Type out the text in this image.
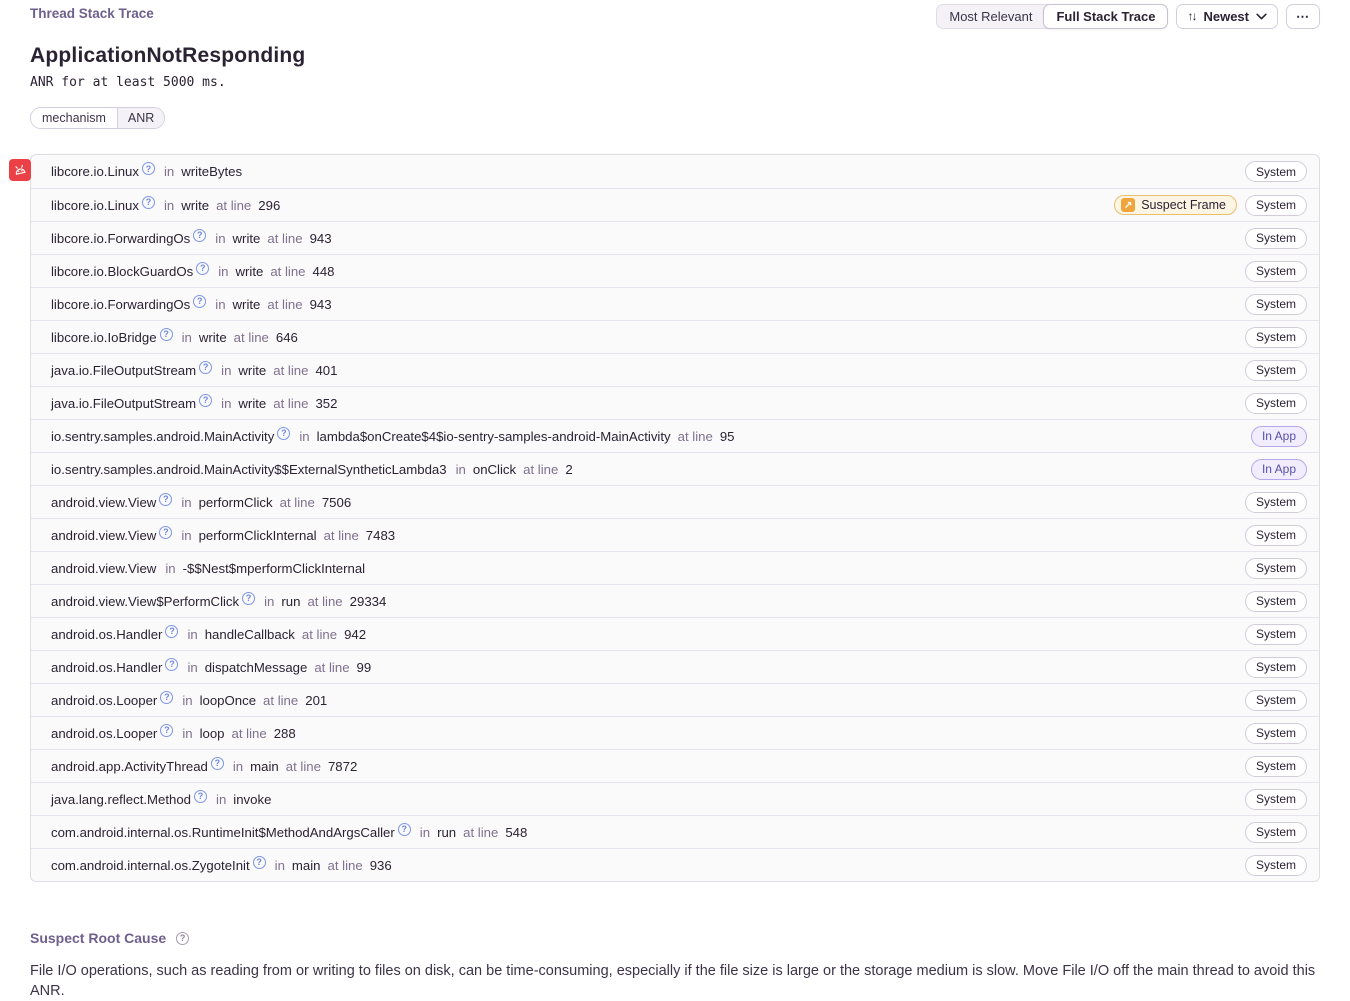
Thread Stack Trace	Most Relevant	Full Stack Trace	↑↓ Newest	⋯
ApplicationNotResponding
ANR for at least 5000 ms.
mechanism	ANR
libcore.io.Linux ? in writeBytes	System
libcore.io.Linux ? in write at line 296	↗ Suspect Frame	System
libcore.io.ForwardingOs ? in write at line 943	System
libcore.io.BlockGuardOs ? in write at line 448	System
libcore.io.ForwardingOs ? in write at line 943	System
libcore.io.IoBridge ? in write at line 646	System
java.io.FileOutputStream ? in write at line 401	System
java.io.FileOutputStream ? in write at line 352	System
io.sentry.samples.android.MainActivity ? in lambda$onCreate$4$io-sentry-samples-android-MainActivity at line 95	In App
io.sentry.samples.android.MainActivity$$ExternalSyntheticLambda3 in onClick at line 2	In App
android.view.View ? in performClick at line 7506	System
android.view.View ? in performClickInternal at line 7483	System
android.view.View in -$$Nest$mperformClickInternal	System
android.view.View$PerformClick ? in run at line 29334	System
android.os.Handler ? in handleCallback at line 942	System
android.os.Handler ? in dispatchMessage at line 99	System
android.os.Looper ? in loopOnce at line 201	System
android.os.Looper ? in loop at line 288	System
android.app.ActivityThread ? in main at line 7872	System
java.lang.reflect.Method ? in invoke	System
com.android.internal.os.RuntimeInit$MethodAndArgsCaller ? in run at line 548	System
com.android.internal.os.ZygoteInit ? in main at line 936	System
Suspect Root Cause	?
File I/O operations, such as reading from or writing to files on disk, can be time-consuming, especially if the file size is large or the storage medium is slow. Move File I/O off the main thread to avoid this ANR.
